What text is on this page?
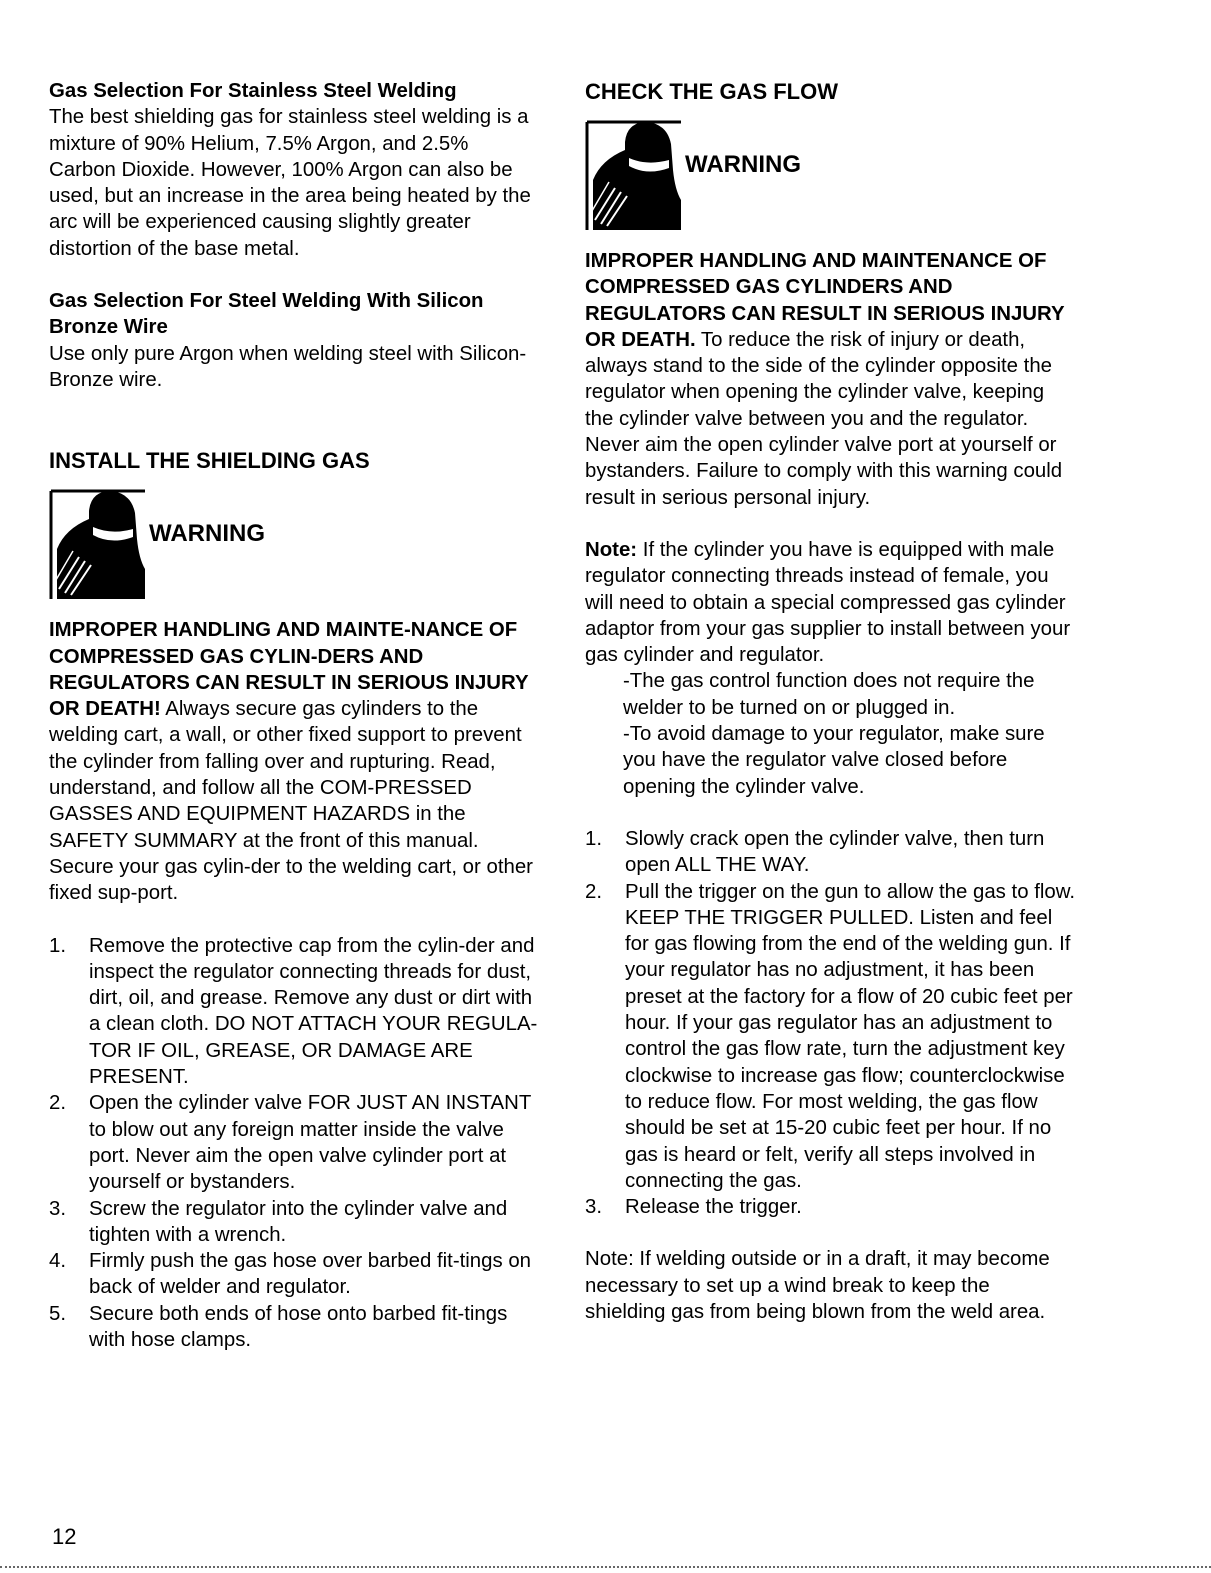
Gas Selection For Stainless Steel Welding

The best shielding gas for stainless steel welding is a mixture of 90% Helium, 7.5% Argon, and 2.5% Carbon Dioxide. However, 100% Argon can also be used, but an increase in the area being heated by the arc will be experienced causing slightly greater distortion of the base metal.

Gas Selection For Steel Welding With Silicon Bronze Wire

Use only pure Argon when welding steel with Silicon-Bronze wire.

INSTALL THE SHIELDING GAS

WARNING

IMPROPER HANDLING AND MAINTE-NANCE OF COMPRESSED GAS CYLIN-DERS AND REGULATORS CAN RESULT IN SERIOUS INJURY OR DEATH! Always secure gas cylinders to the welding cart, a wall, or other fixed support to prevent the cylinder from falling over and rupturing. Read, understand, and follow all the COM-PRESSED GASSES AND EQUIPMENT HAZARDS in the SAFETY SUMMARY at the front of this manual. Secure your gas cylin-der to the welding cart, or other fixed sup-port.

1. Remove the protective cap from the cylin-der and inspect the regulator connecting threads for dust, dirt, oil, and grease. Remove any dust or dirt with a clean cloth. DO NOT ATTACH YOUR REGULA-TOR IF OIL, GREASE, OR DAMAGE ARE PRESENT.
2. Open the cylinder valve FOR JUST AN INSTANT to blow out any foreign matter inside the valve port. Never aim the open valve cylinder port at yourself or bystanders.
3. Screw the regulator into the cylinder valve and tighten with a wrench.
4. Firmly push the gas hose over barbed fit-tings on back of welder and regulator.
5. Secure both ends of hose onto barbed fit-tings with hose clamps.

CHECK THE GAS FLOW

WARNING

IMPROPER HANDLING AND MAINTENANCE OF COMPRESSED GAS CYLINDERS AND REGULATORS CAN RESULT IN SERIOUS INJURY OR DEATH. To reduce the risk of injury or death, always stand to the side of the cylinder opposite the regulator when opening the cylinder valve, keeping the cylinder valve between you and the regulator. Never aim the open cylinder valve port at yourself or bystanders. Failure to comply with this warning could result in serious personal injury.

Note: If the cylinder you have is equipped with male regulator connecting threads instead of female, you will need to obtain a special compressed gas cylinder adaptor from your gas supplier to install between your gas cylinder and regulator.

-The gas control function does not require the welder to be turned on or plugged in.

-To avoid damage to your regulator, make sure you have the regulator valve closed before opening the cylinder valve.

1. Slowly crack open the cylinder valve, then turn open ALL THE WAY.
2. Pull the trigger on the gun to allow the gas to flow. KEEP THE TRIGGER PULLED. Listen and feel for gas flowing from the end of the welding gun. If your regulator has no adjustment, it has been preset at the factory for a flow of 20 cubic feet per hour. If your gas regulator has an adjustment to control the gas flow rate, turn the adjustment key clockwise to increase gas flow; counterclockwise to reduce flow. For most welding, the gas flow should be set at 15-20 cubic feet per hour. If no gas is heard or felt, verify all steps involved in connecting the gas.
3. Release the trigger.

Note: If welding outside or in a draft, it may become necessary to set up a wind break to keep the shielding gas from being blown from the weld area.

12
